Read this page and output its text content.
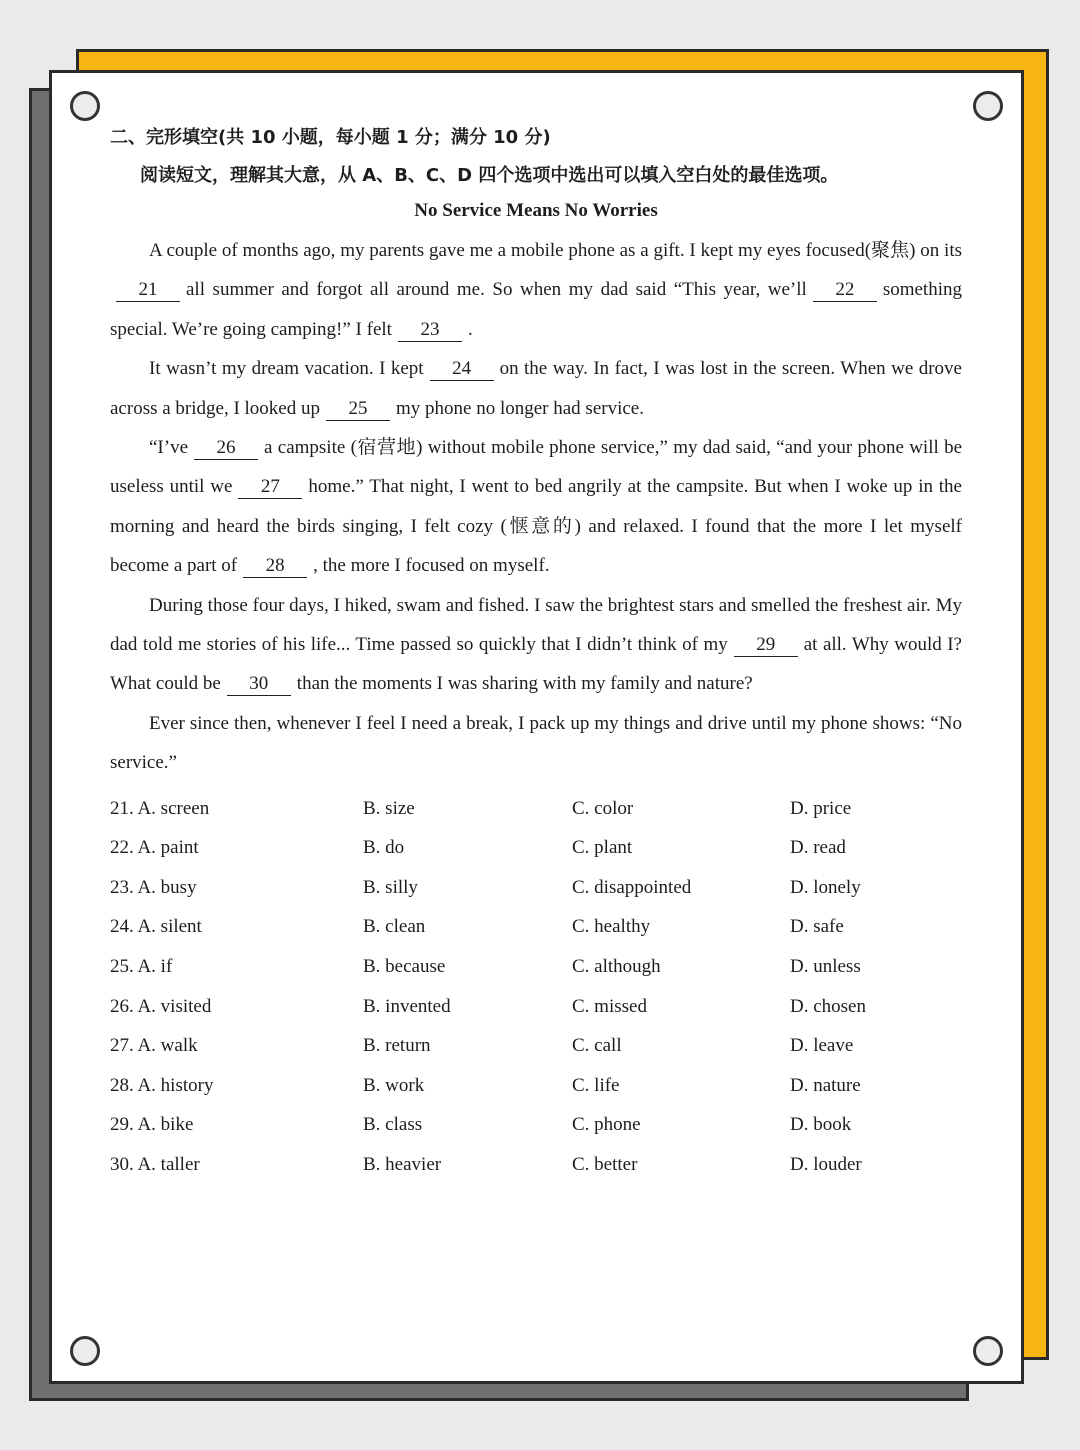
二、完形填空(共 10 小题，每小题 1 分；满分 10 分)
阅读短文，理解其大意，从 A、B、C、D 四个选项中选出可以填入空白处的最佳选项。
No Service Means No Worries

A couple of months ago, my parents gave me a mobile phone as a gift. I kept my eyes focused(聚焦) on its21 all summer and forgot all around me. So when my dad said “This year, we’ll 22 something special. We’re going camping!” I felt 23 .

It wasn’t my dream vacation. I kept 24 on the way. In fact, I was lost in the screen. When we drove across a bridge, I looked up 25 my phone no longer had service.

“I’ve 26 a campsite (宿营地) without mobile phone service,” my dad said, “and your phone will be useless until we 27 home.” That night, I went to bed angrily at the campsite. But when I woke up in the morning and heard the birds singing, I felt cozy (惬意的) and relaxed. I found that the more I let myself become a part of 28 , the more I focused on myself.

During those four days, I hiked, swam and fished. I saw the brightest stars and smelled the freshest air. My dad told me stories of his life... Time passed so quickly that I didn’t think of my 29 at all. Why would I? What could be 30 than the moments I was sharing with my family and nature?

Ever since then, whenever I feel I need a break, I pack up my things and drive until my phone shows: “No service.”

21. A. screen	B. size	C. color	D. price
22. A. paint	B. do	C. plant	D. read
23. A. busy	B. silly	C. disappointed	D. lonely
24. A. silent	B. clean	C. healthy	D. safe
25. A. if	B. because	C. although	D. unless
26. A. visited	B. invented	C. missed	D. chosen
27. A. walk	B. return	C. call	D. leave
28. A. history	B. work	C. life	D. nature
29. A. bike	B. class	C. phone	D. book
30. A. taller	B. heavier	C. better	D. louder
